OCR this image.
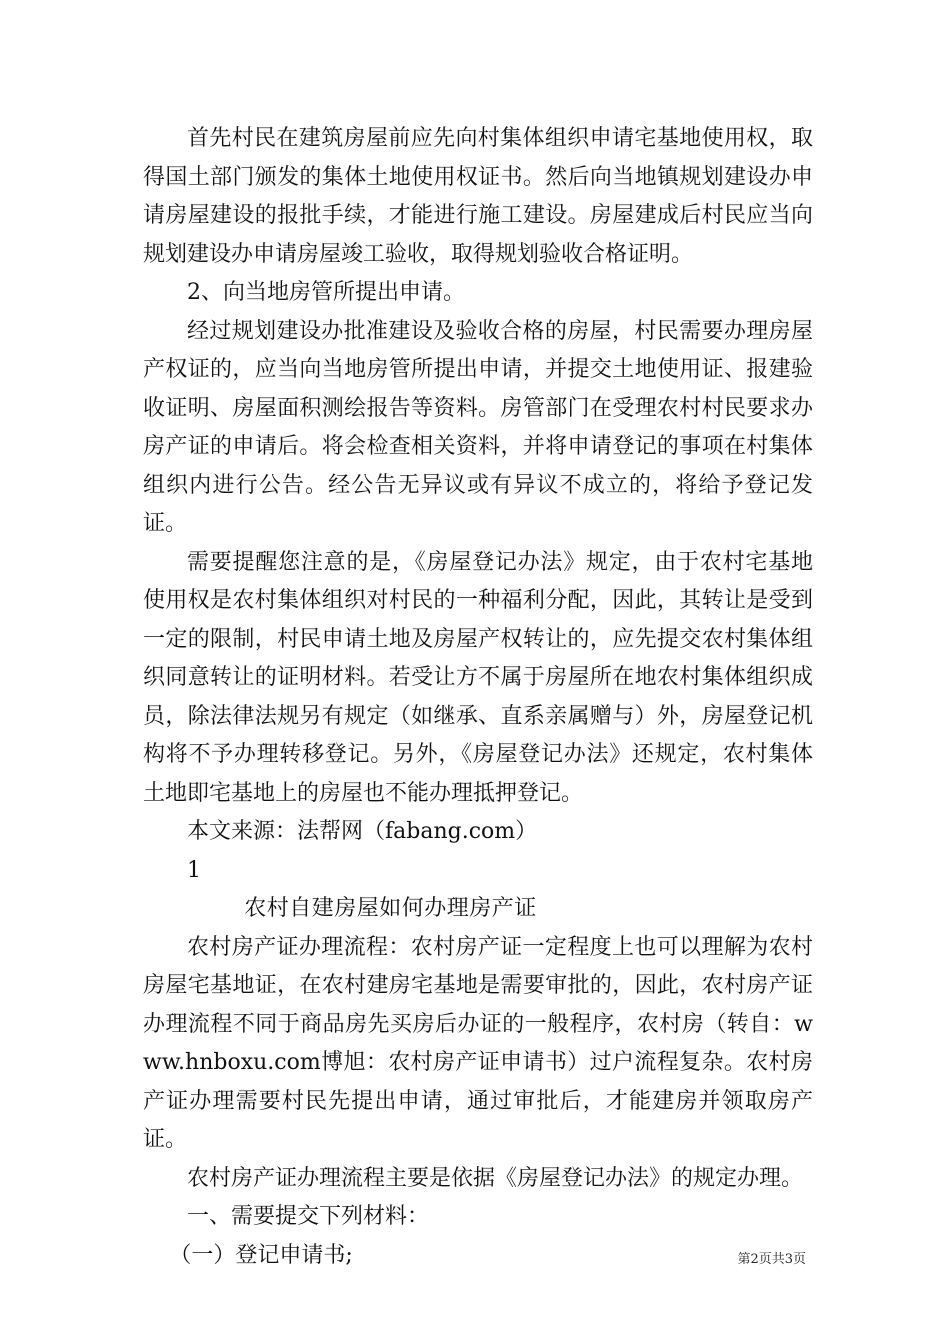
首先村民在建筑房屋前应先向村集体组织申请宅基地使用权，取得国土部门颁发的集体土地使用权证书。然后向当地镇规划建设办申请房屋建设的报批手续，才能进行施工建设。房屋建成后村民应当向规划建设办申请房屋竣工验收，取得规划验收合格证明。

2、向当地房管所提出申请。

经过规划建设办批准建设及验收合格的房屋，村民需要办理房屋产权证的，应当向当地房管所提出申请，并提交土地使用证、报建验收证明、房屋面积测绘报告等资料。房管部门在受理农村村民要求办房产证的申请后。将会检查相关资料，并将申请登记的事项在村集体组织内进行公告。经公告无异议或有异议不成立的，将给予登记发证。

需要提醒您注意的是，《房屋登记办法》规定，由于农村宅基地使用权是农村集体组织对村民的一种福利分配，因此，其转让是受到一定的限制，村民申请土地及房屋产权转让的，应先提交农村集体组织同意转让的证明材料。若受让方不属于房屋所在地农村集体组织成员，除法律法规另有规定（如继承、直系亲属赠与）外，房屋登记机构将不予办理转移登记。另外，《房屋登记办法》还规定，农村集体土地即宅基地上的房屋也不能办理抵押登记。

本文来源：法帮网（fabang.com）

1

农村自建房屋如何办理房产证

农村房产证办理流程：农村房产证一定程度上也可以理解为农村房屋宅基地证，在农村建房宅基地是需要审批的，因此，农村房产证办理流程不同于商品房先买房后办证的一般程序，农村房（转自：www.hnboxu.com博旭：农村房产证申请书）过户流程复杂。农村房产证办理需要村民先提出申请，通过审批后，才能建房并领取房产证。

农村房产证办理流程主要是依据《房屋登记办法》的规定办理。

一、需要提交下列材料：

（一）登记申请书;	第2页共3页
